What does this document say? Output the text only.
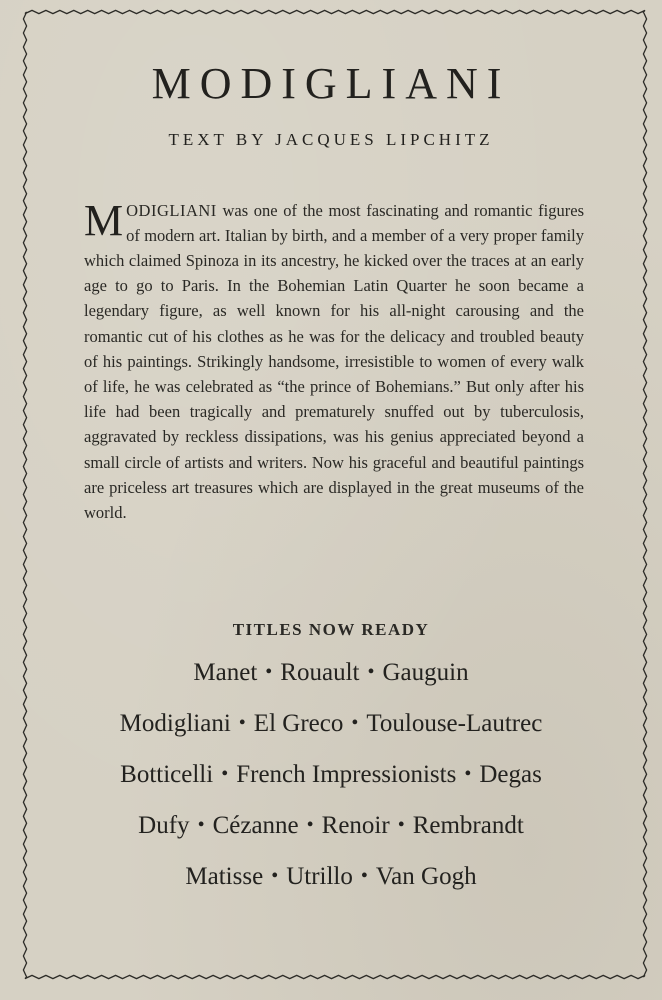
MODIGLIANI
TEXT BY JACQUES LIPCHITZ

MODIGLIANI was one of the most fascinating and romantic figures of modern art. Italian by birth, and a member of a very proper family which claimed Spinoza in its ancestry, he kicked over the traces at an early age to go to Paris. In the Bohemian Latin Quarter he soon became a legendary figure, as well known for his all-night carousing and the romantic cut of his clothes as he was for the delicacy and troubled beauty of his paintings. Strikingly handsome, irresistible to women of every walk of life, he was celebrated as “the prince of Bohemians.” But only after his life had been tragically and prematurely snuffed out by tuberculosis, aggravated by reckless dissipations, was his genius appreciated beyond a small circle of artists and writers. Now his graceful and beautiful paintings are priceless art treasures which are displayed in the great museums of the world.

TITLES NOW READY
Manet • Rouault • Gauguin
Modigliani • El Greco • Toulouse-Lautrec
Botticelli • French Impressionists • Degas
Dufy • Cézanne • Renoir • Rembrandt
Matisse • Utrillo • Van Gogh
